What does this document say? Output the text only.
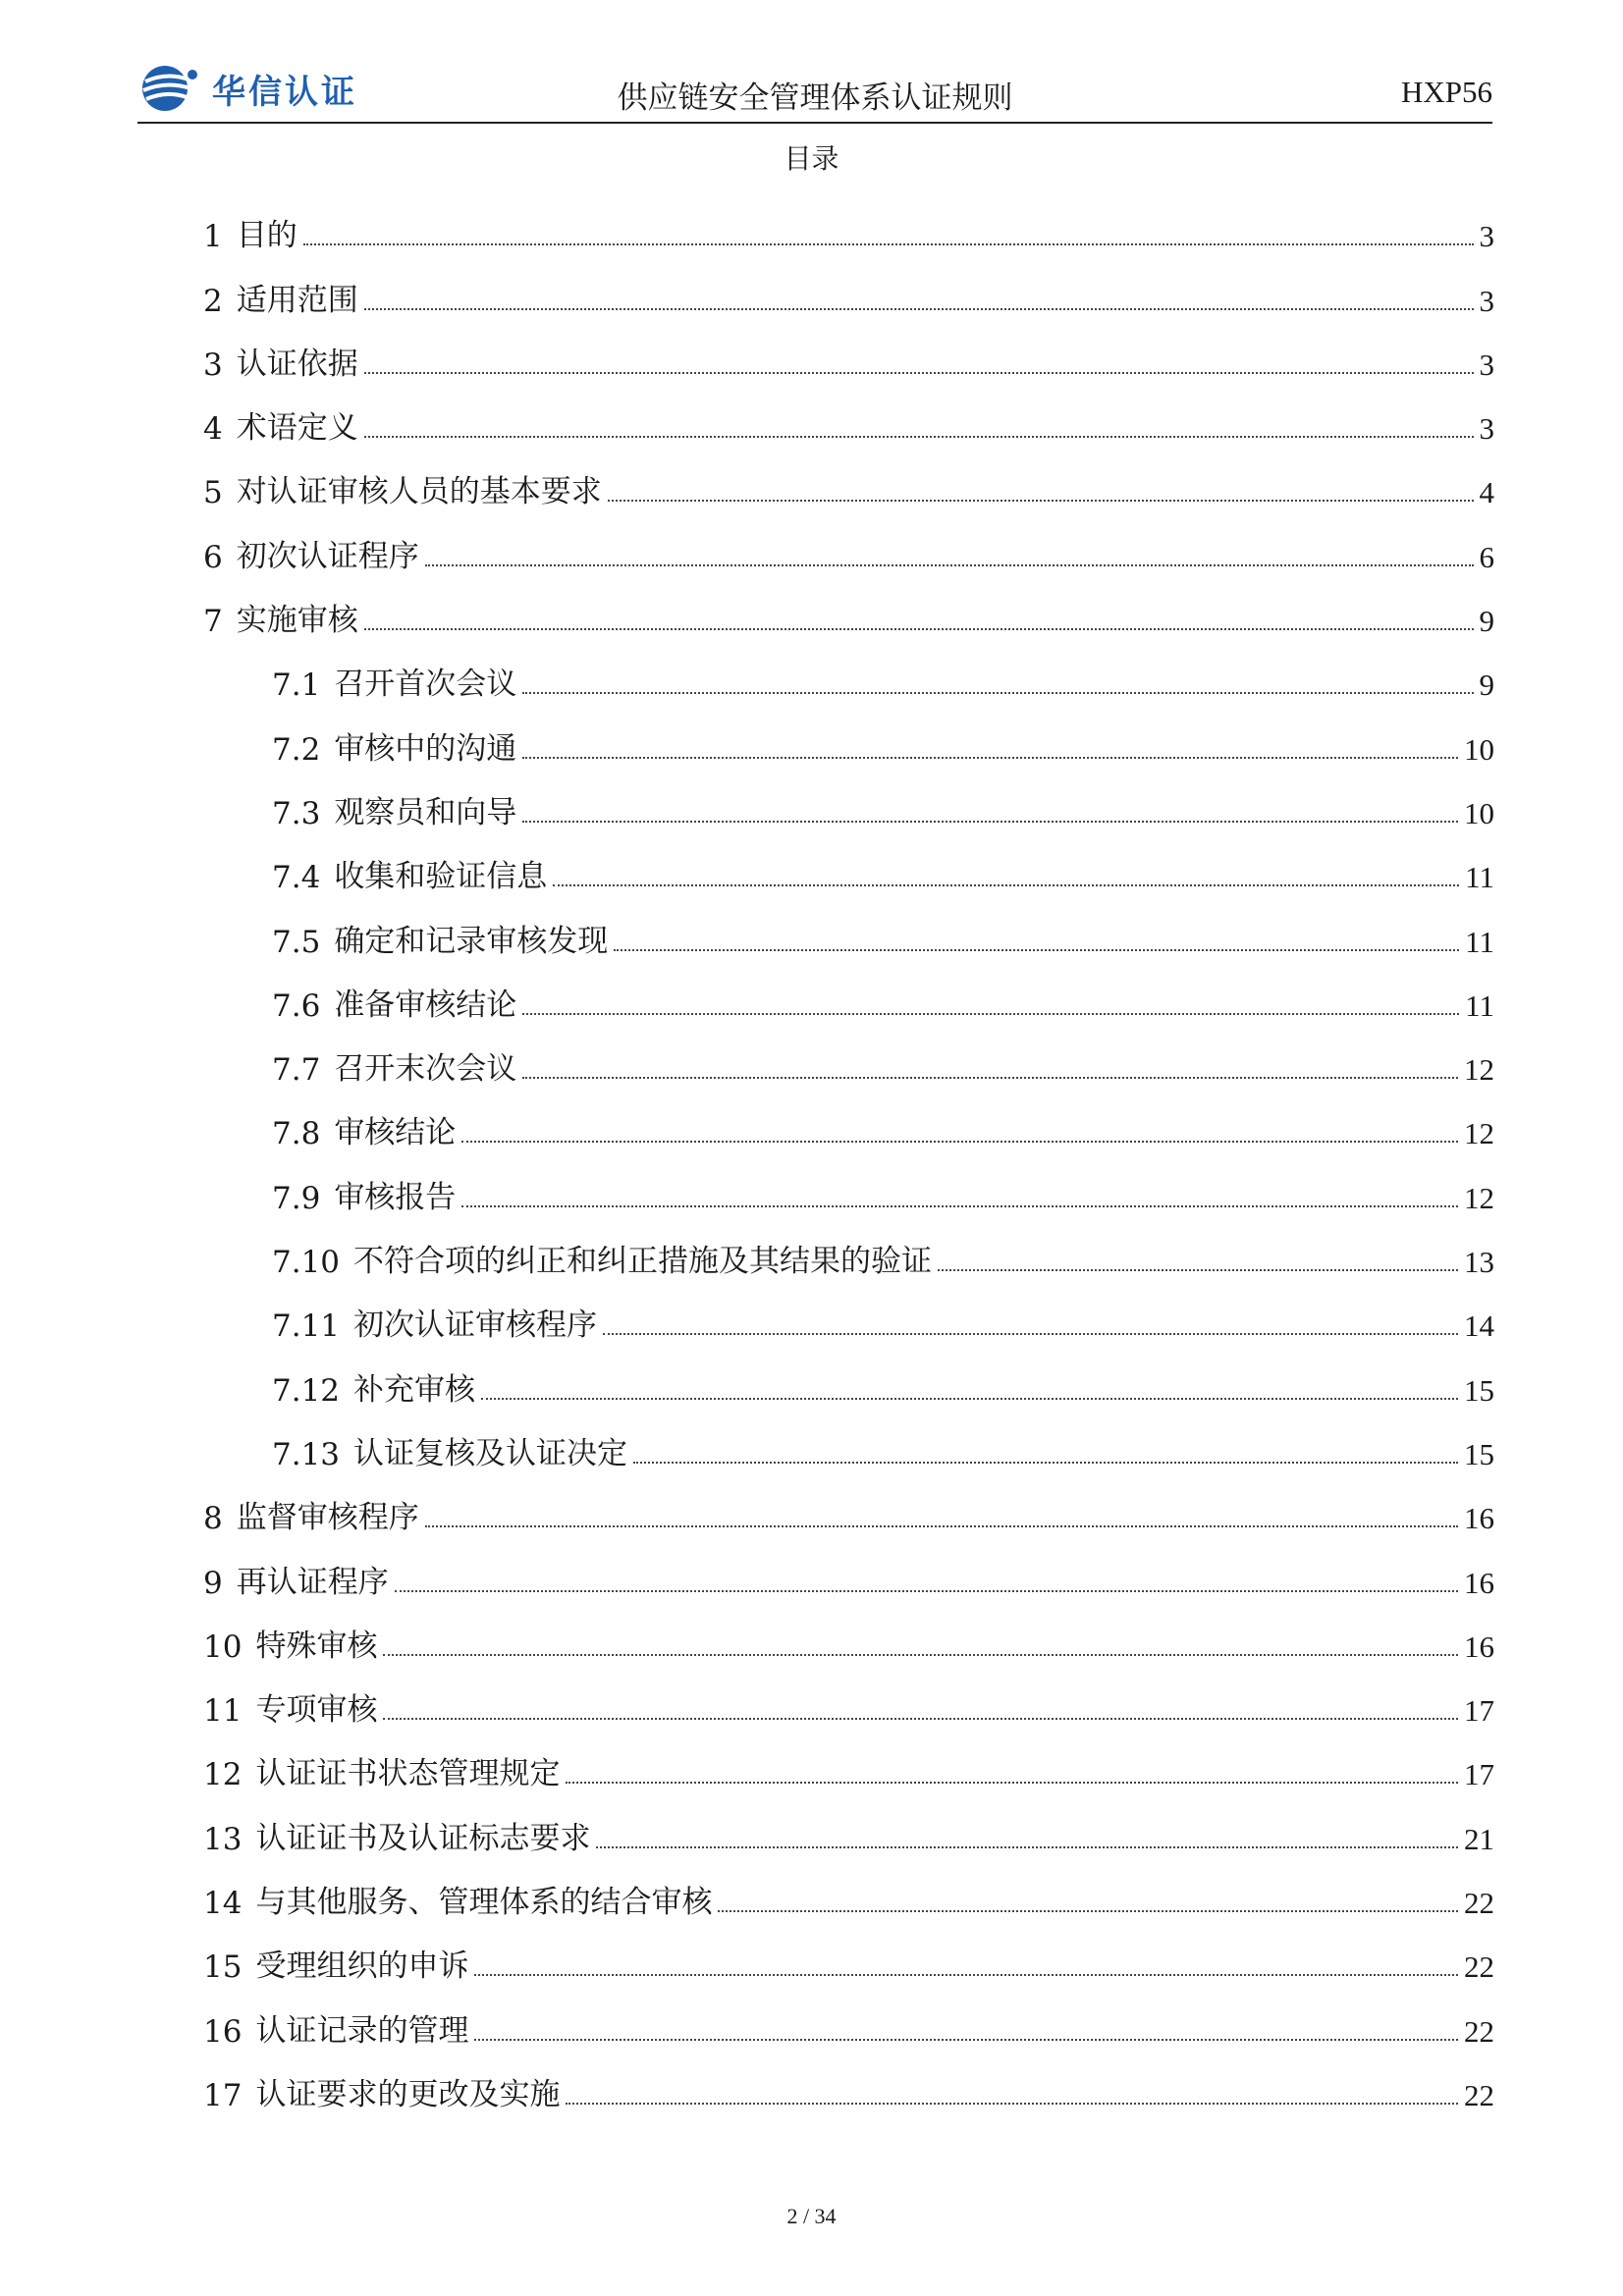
华信认证	供应链安全管理体系认证规则	HXP56
目录
1 目的	3
2 适用范围	3
3 认证依据	3
4 术语定义	3
5 对认证审核人员的基本要求	4
6 初次认证程序	6
7 实施审核	9
7.1 召开首次会议	9
7.2 审核中的沟通	10
7.3 观察员和向导	10
7.4 收集和验证信息	11
7.5 确定和记录审核发现	11
7.6 准备审核结论	11
7.7 召开末次会议	12
7.8 审核结论	12
7.9 审核报告	12
7.10 不符合项的纠正和纠正措施及其结果的验证	13
7.11 初次认证审核程序	14
7.12 补充审核	15
7.13 认证复核及认证决定	15
8 监督审核程序	16
9 再认证程序	16
10 特殊审核	16
11 专项审核	17
12 认证证书状态管理规定	17
13 认证证书及认证标志要求	21
14 与其他服务、管理体系的结合审核	22
15 受理组织的申诉	22
16 认证记录的管理	22
17 认证要求的更改及实施	22
2 / 34
